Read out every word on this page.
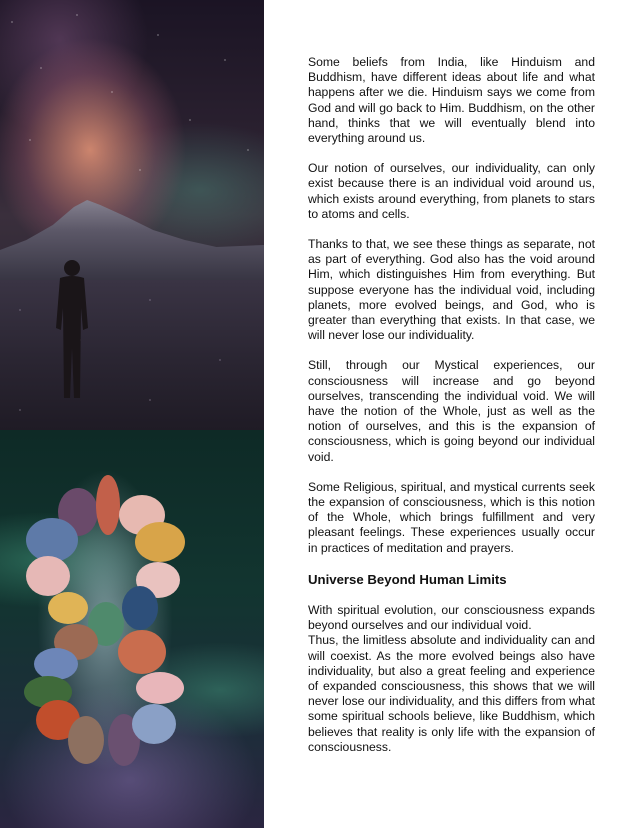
Some beliefs from India, like Hinduism and Buddhism, have different ideas about life and what happens after we die. Hinduism says we come from God and will go back to Him. Buddhism, on the other hand, thinks that we will eventually blend into everything around us.

Our notion of ourselves, our individuality, can only exist because there is an individual void around us, which exists around everything, from planets to stars to atoms and cells.

Thanks to that, we see these things as separate, not as part of everything. God also has the void around Him, which distinguishes Him from everything. But suppose everyone has the individual void, including planets, more evolved beings, and God, who is greater than everything that exists. In that case, we will never lose our individuality.

Still, through our Mystical experiences, our consciousness will increase and go beyond ourselves, transcending the individual void. We will have the notion of the Whole, just as well as the notion of ourselves, and this is the expansion of consciousness, which is going beyond our individual void.

Some Religious, spiritual, and mystical currents seek the expansion of consciousness, which is this notion of the Whole, which brings fulfillment and very pleasant feelings. These experiences usually occur in practices of meditation and prayers.

Universe Beyond Human Limits

With spiritual evolution, our consciousness expands beyond ourselves and our individual void.

Thus, the limitless absolute and individuality can and will coexist. As the more evolved beings also have individuality, but also a great feeling and experience of expanded consciousness, this shows that we will never lose our individuality, and this differs from what some spiritual schools believe, like Buddhism, which believes that reality is only life with the expansion of consciousness.
